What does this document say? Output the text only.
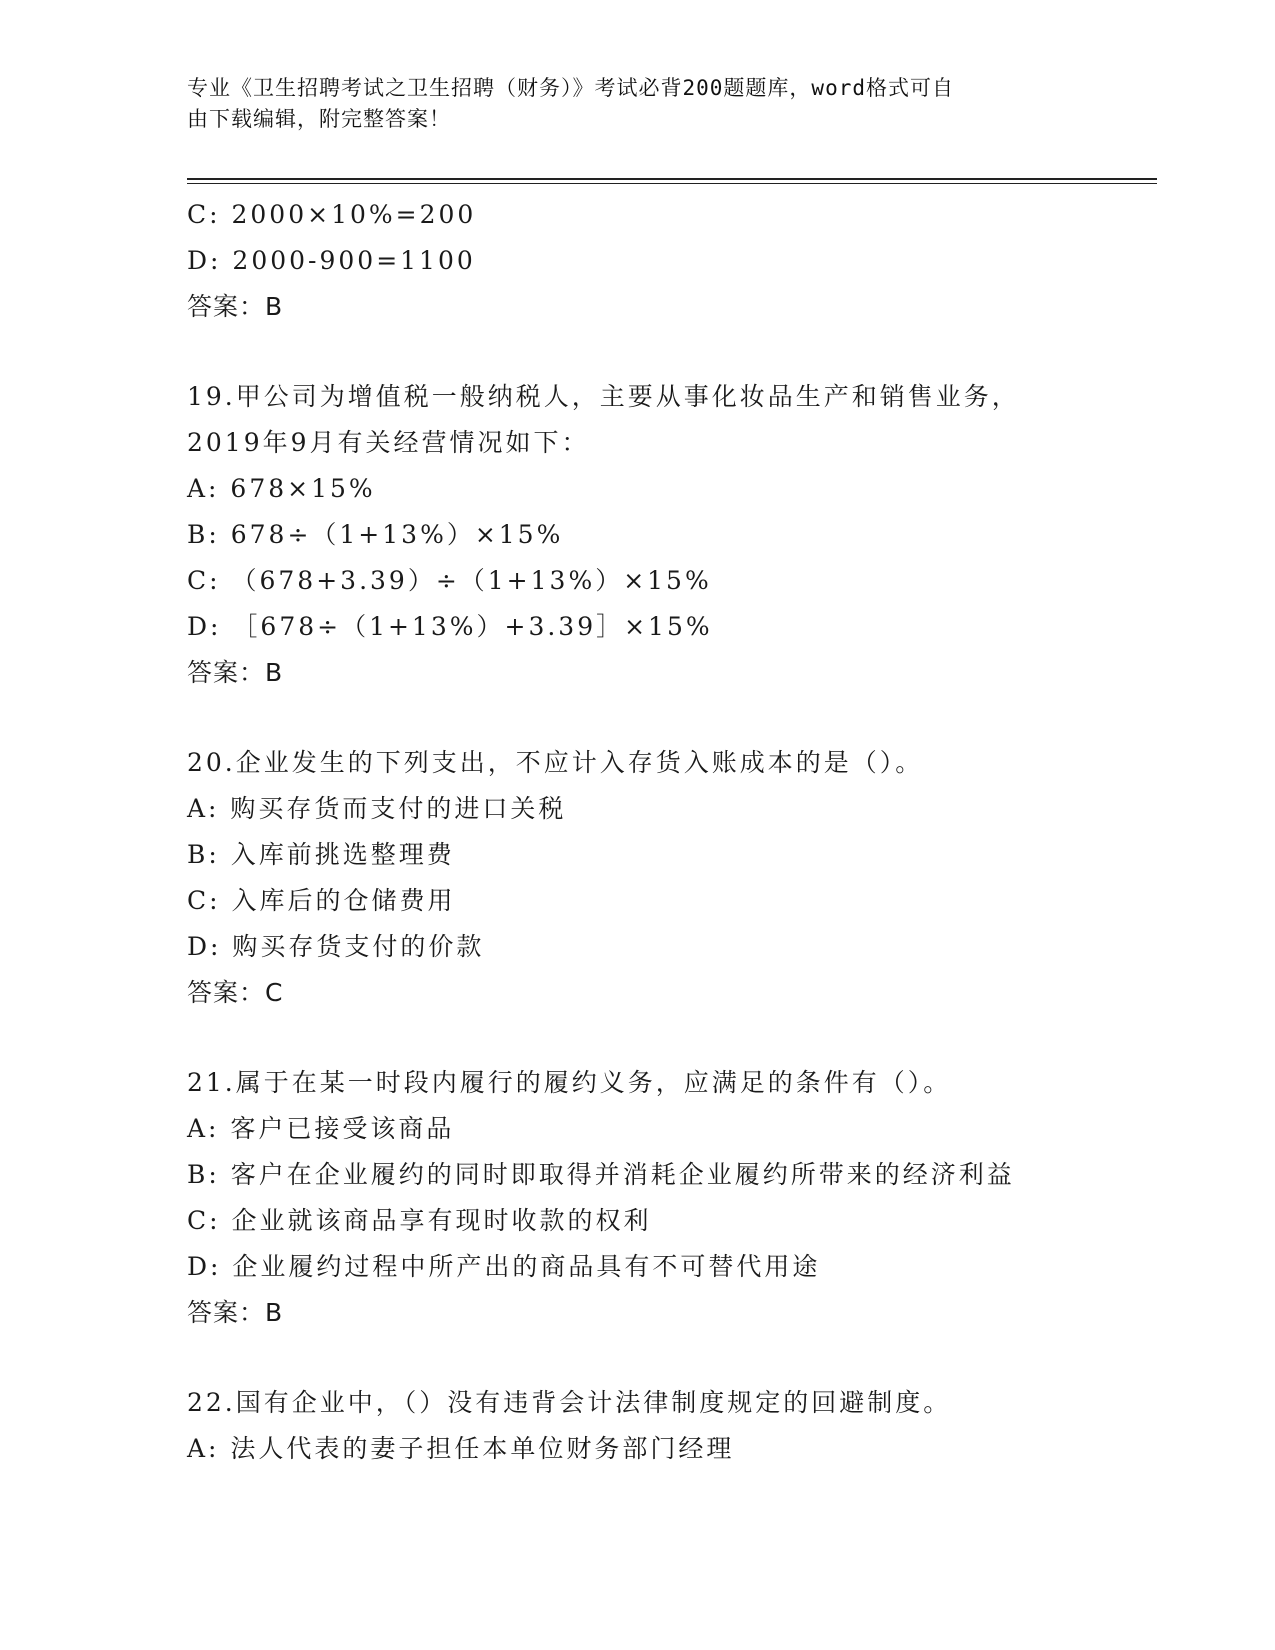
专业《卫生招聘考试之卫生招聘（财务）》考试必背200题题库，word格式可自
由下载编辑，附完整答案！
C: 2000×10%=200
D: 2000-900=1100
答案：B
19.甲公司为增值税一般纳税人，主要从事化妆品生产和销售业务，
2019年9月有关经营情况如下：
A: 678×15%
B: 678÷（1+13%）×15%
C: （678+3.39）÷（1+13%）×15%
D: ［678÷（1+13%）+3.39］×15%
答案：B
20.企业发生的下列支出，不应计入存货入账成本的是（）。
A: 购买存货而支付的进口关税
B: 入库前挑选整理费
C: 入库后的仓储费用
D: 购买存货支付的价款
答案：C
21.属于在某一时段内履行的履约义务，应满足的条件有（）。
A: 客户已接受该商品
B: 客户在企业履约的同时即取得并消耗企业履约所带来的经济利益
C: 企业就该商品享有现时收款的权利
D: 企业履约过程中所产出的商品具有不可替代用途
答案：B
22.国有企业中，（）没有违背会计法律制度规定的回避制度。
A: 法人代表的妻子担任本单位财务部门经理
